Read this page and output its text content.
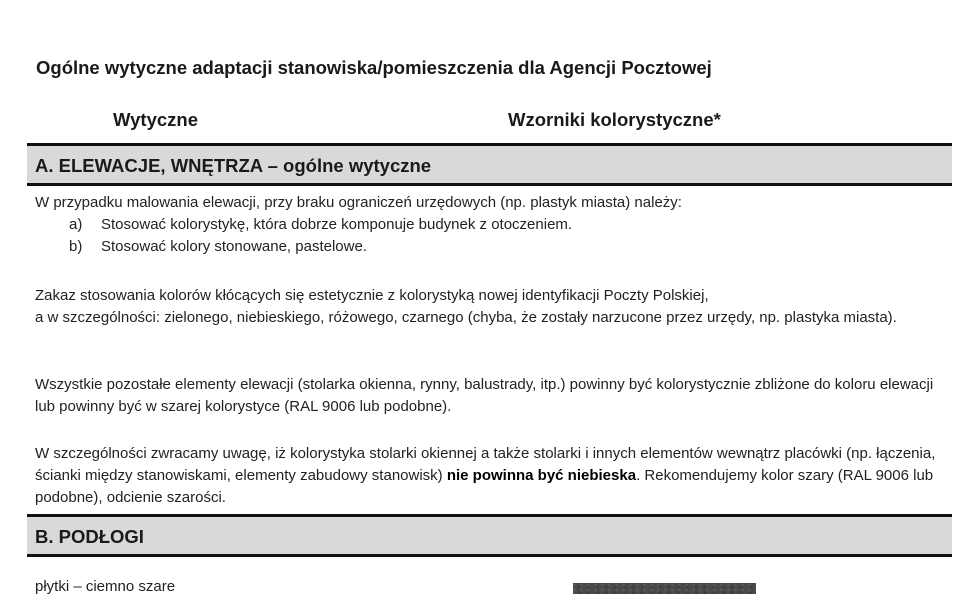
Ogólne wytyczne adaptacji stanowiska/pomieszczenia dla Agencji Pocztowej
Wytyczne	Wzorniki kolorystyczne*
A. ELEWACJE, WNĘTRZA – ogólne wytyczne
W przypadku malowania elewacji, przy braku ograniczeń urzędowych (np. plastyk miasta) należy:
a) Stosować kolorystykę, która dobrze komponuje budynek z otoczeniem.
b) Stosować kolory stonowane, pastelowe.
Zakaz stosowania kolorów kłócących się estetycznie z kolorystyką nowej identyfikacji Poczty Polskiej,
a w szczególności: zielonego, niebieskiego, różowego, czarnego (chyba, że zostały narzucone przez urzędy, np. plastyka miasta).
Wszystkie pozostałe elementy elewacji (stolarka okienna, rynny, balustrady, itp.) powinny być kolorystycznie zbliżone do koloru elewacji lub powinny być w szarej kolorystyce (RAL 9006 lub podobne).
W szczególności zwracamy uwagę, iż kolorystyka stolarki okiennej a także stolarki i innych elementów wewnątrz placówki (np. łączenia, ścianki między stanowiskami, elementy zabudowy stanowisk) nie powinna być niebieska. Rekomendujemy kolor szary (RAL 9006 lub podobne), odcienie szarości.
B. PODŁOGI
płytki – ciemno szare
